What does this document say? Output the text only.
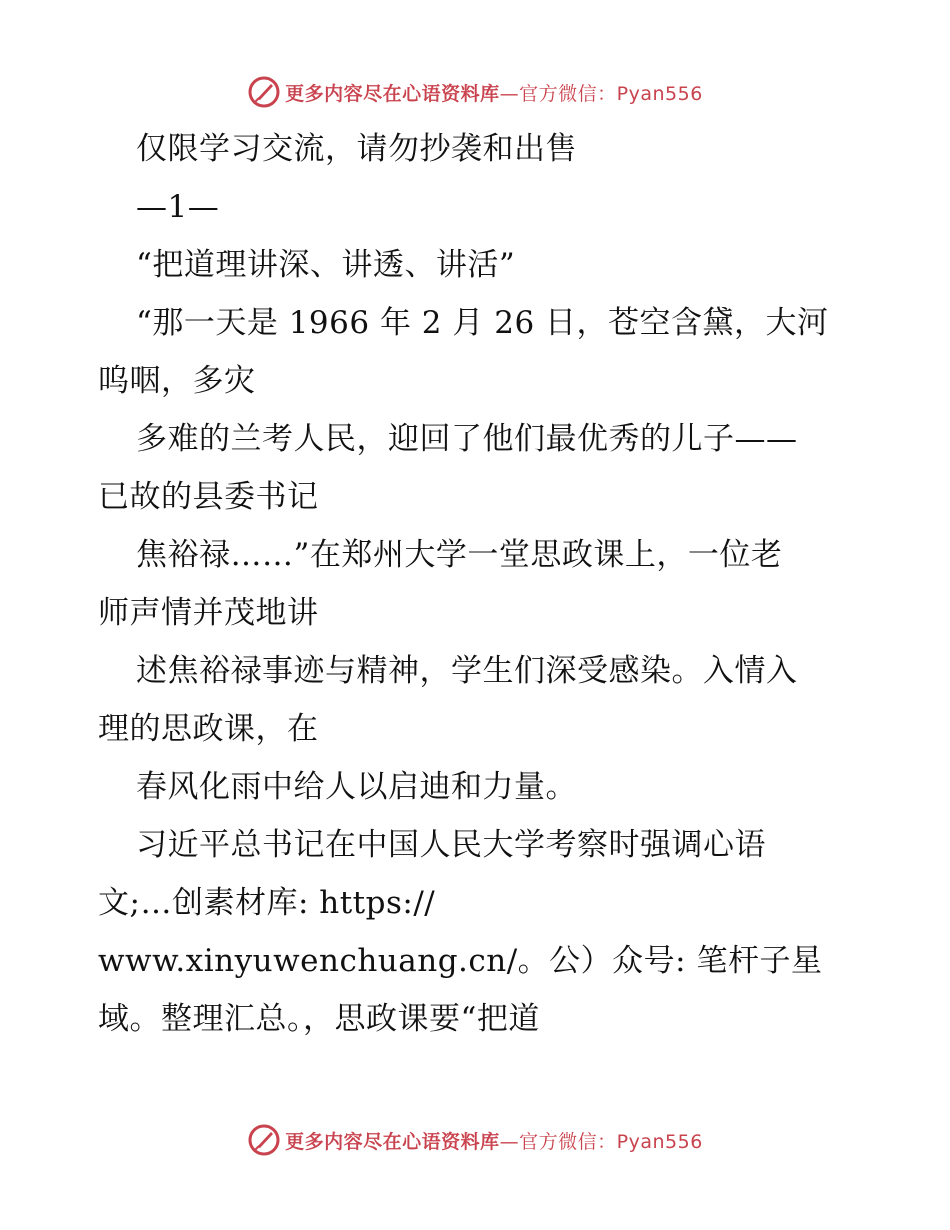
更多内容尽在心语资料库—官方微信：Pyan556
仅限学习交流，请勿抄袭和出售
—1—
“把道理讲深、讲透、讲活”
“那一天是 1966 年 2 月 26 日，苍空含黛，大河
呜咽，多灾
多难的兰考人民，迎回了他们最优秀的儿子——
已故的县委书记
焦裕禄……”在郑州大学一堂思政课上，一位老
师声情并茂地讲
述焦裕禄事迹与精神，学生们深受感染。入情入
理的思政课，在
春风化雨中给人以启迪和力量。
习近平总书记在中国人民大学考察时强调心语
文;…创素材库: https://
www.xinyuwenchuang.cn/。公）众号: 笔杆子星
域。整理汇总。，思政课要“把道
更多内容尽在心语资料库—官方微信：Pyan556
